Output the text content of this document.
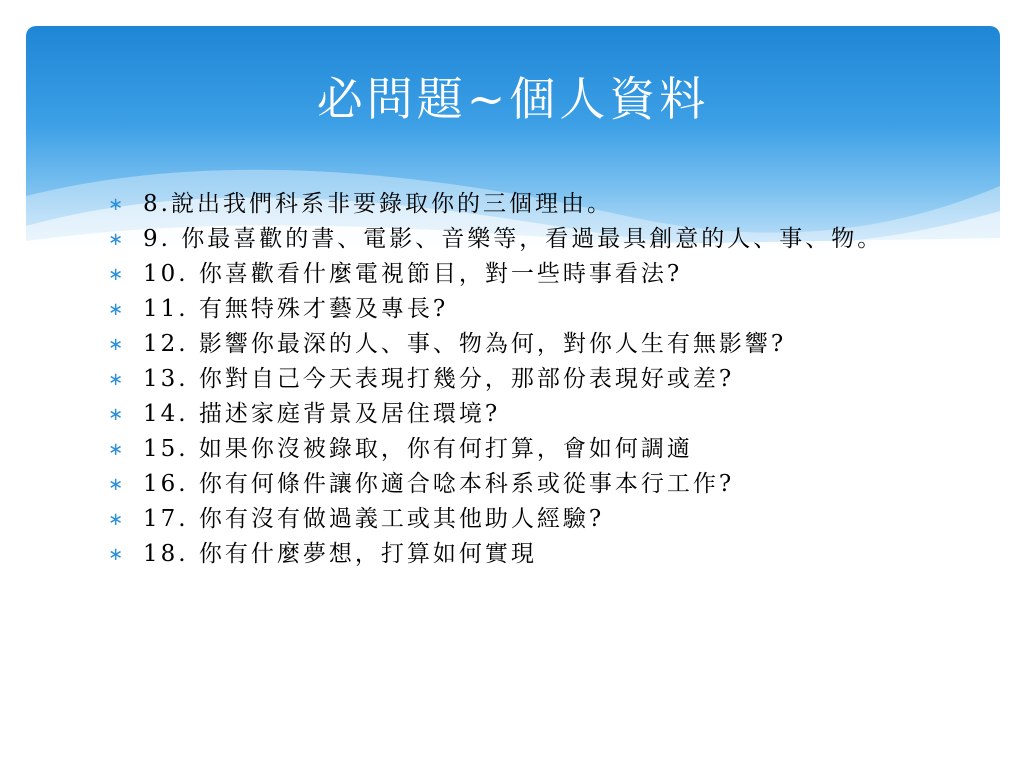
必問題~個人資料
∗ 8.說出我們科系非要錄取你的三個理由。
∗ 9. 你最喜歡的書、電影、音樂等，看過最具創意的人、事、物。
∗ 10. 你喜歡看什麼電視節目，對一些時事看法?
∗ 11. 有無特殊才藝及專長?
∗ 12. 影響你最深的人、事、物為何，對你人生有無影響?
∗ 13. 你對自己今天表現打幾分，那部份表現好或差?
∗ 14. 描述家庭背景及居住環境?
∗ 15. 如果你沒被錄取，你有何打算，會如何調適
∗ 16. 你有何條件讓你適合唸本科系或從事本行工作?
∗ 17. 你有沒有做過義工或其他助人經驗?
∗ 18. 你有什麼夢想，打算如何實現
